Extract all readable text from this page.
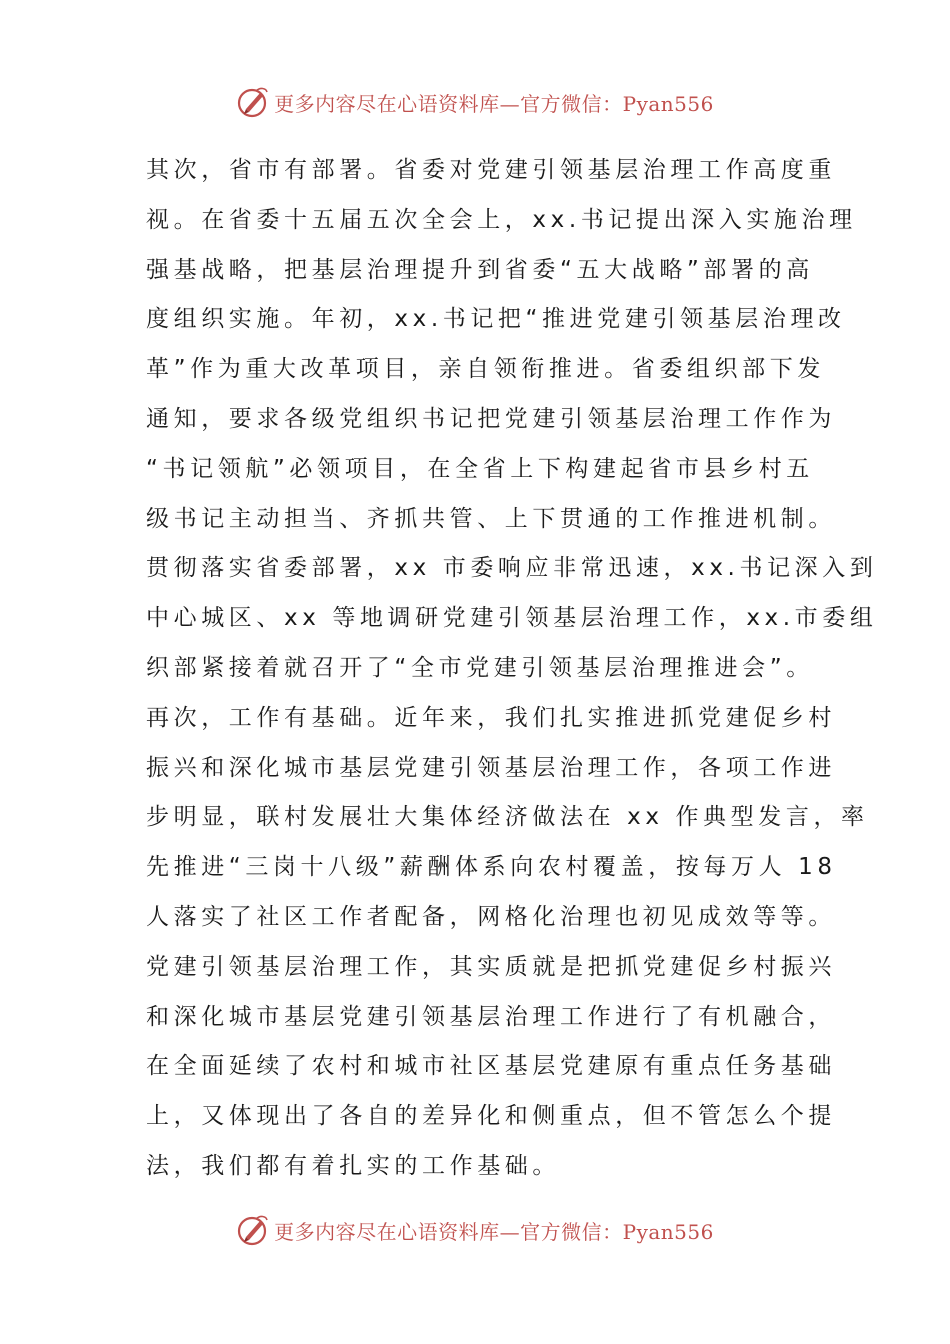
更多内容尽在心语资料库—官方微信：Pyan556
其次，省市有部署。省委对党建引领基层治理工作高度重
视。在省委十五届五次全会上，xx.书记提出深入实施治理
强基战略，把基层治理提升到省委“五大战略”部署的高
度组织实施。年初，xx.书记把“推进党建引领基层治理改
革”作为重大改革项目，亲自领衔推进。省委组织部下发
通知，要求各级党组织书记把党建引领基层治理工作作为
“书记领航”必领项目，在全省上下构建起省市县乡村五
级书记主动担当、齐抓共管、上下贯通的工作推进机制。
贯彻落实省委部署，xx 市委响应非常迅速，xx.书记深入到
中心城区、xx 等地调研党建引领基层治理工作，xx.市委组
织部紧接着就召开了“全市党建引领基层治理推进会”。
再次，工作有基础。近年来，我们扎实推进抓党建促乡村
振兴和深化城市基层党建引领基层治理工作，各项工作进
步明显，联村发展壮大集体经济做法在 xx 作典型发言，率
先推进“三岗十八级”薪酬体系向农村覆盖，按每万人 18
人落实了社区工作者配备，网格化治理也初见成效等等。
党建引领基层治理工作，其实质就是把抓党建促乡村振兴
和深化城市基层党建引领基层治理工作进行了有机融合，
在全面延续了农村和城市社区基层党建原有重点任务基础
上，又体现出了各自的差异化和侧重点，但不管怎么个提
法，我们都有着扎实的工作基础。
更多内容尽在心语资料库—官方微信：Pyan556
